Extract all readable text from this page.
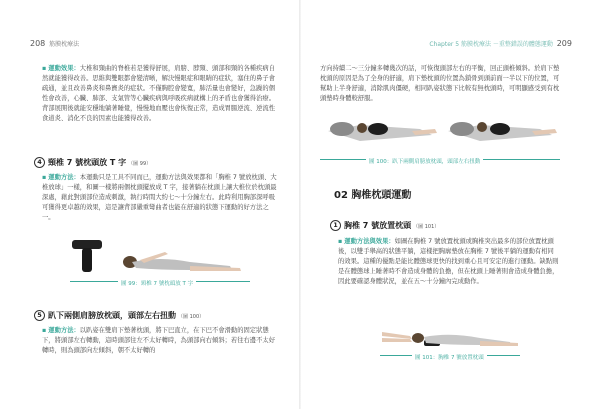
208 筋膜枕療法
▪ 運動效果：大椎和頸曲的脊椎若是獲得舒展，肩膀、脖頸、頭部和頸的各種疾病自然就能獲得改善。思維與雙眼都會變清晰，解決慢眼症和眼睛的症狀，塞住的鼻子會疏通，並且改善鼻炎和鼻竇炎的症狀。不僅胸腔會變寬，肺活量也會變好，急躁的個性會改善，心臟、肺部、支氣管等心臟疾病與呼吸疾病就構上的矛盾也會獲得治療。背部展開後就能安穩地躺著睡覺，慢慢地血壓也會恢復正常，造成胃腸逆流、逆流性食道炎、消化不良的因素也能獲得改善。
4 頸椎 7 號枕頭放 T 字 （圖 99）
▪ 運動方法：本運動只是工具不同而已，運動方法與效果都和「胸椎 7 號放枕頭、大椎放球」一樣，和圖一樣將兩個枕頭擺放成 T 字，接著躺在枕頭上讓大椎位於枕頭最深處，藉此對頭部位造成刺激，執行時間大約七～十分鐘左右。此時利用胸部深呼吸可獲得更卓越的效果，這是讓背部嚴重彎曲者也能在舒適的狀態下運動的好方法之一。
圖 99：頸椎 7 號枕頭放 T 字
5 趴下兩側肩膀放枕頭，頭部左右扭動 （圖 100）
▪ 運動方法：以趴姿在雙肩下墊著枕頭，將下巴直立，在下巴不會滑動的固定狀態下，將頭部左右轉動，這時頭部往左不太好轉時，為頭部向右傾斜；若往右邊不太好轉時，則為頭部向左傾斜，朝不太好轉的
Chapter 5 筋膜枕療法 －重整錯誤的體態運動 209
方向持續二～三分鐘多轉幾次的話，可恢復頭部左右的平衡，回正頭椎傾斜。於肩下墊枕頭的原因是為了全身的舒適，肩下墊枕頭的位置為鎖骨到頭前面一半以下的位置，可幫助上半身舒適，消除肌肉僵硬，相同趴姿狀態下比較有無枕頭時，可明顯感受到有枕頭墊時身體較舒服。
圖 100：趴下兩側肩膀放枕頭，頭部左右扭動
02 胸椎枕頭運動
1 胸椎 7 號放置枕頭 （圖 101）
▪ 運動方法與效果：如圖在胸椎 7 號放置枕頭或胸椎突出最多的部位放置枕頭後，以雙手舉高的狀態平躺，這樣把胸廓墊放在胸椎 7 號後平躺的運動有相同的效果。這種的優點是能比體態球更快的找到重心且可安定的進行運動。缺點則是在體態球上睡著時不會造成身體的負擔，但在枕頭上睡著則會造成身體負擔，因此要確認身體狀況，並在五～十分鐘內完成動作。
圖 101：胸椎 7 號放置枕頭
